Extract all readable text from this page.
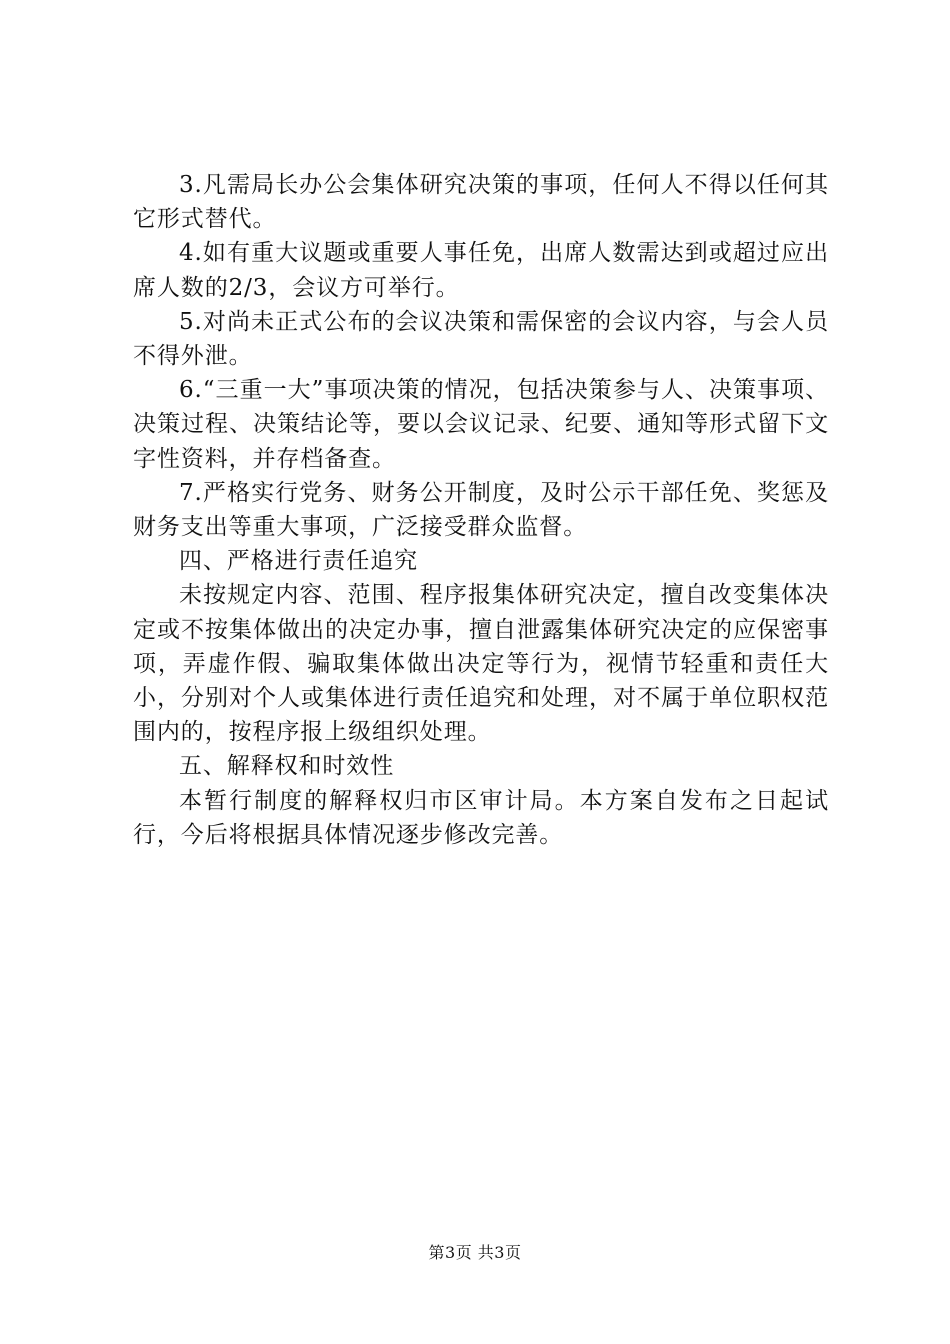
3.凡需局长办公会集体研究决策的事项，任何人不得以任何其它形式替代。

4.如有重大议题或重要人事任免，出席人数需达到或超过应出席人数的2/3，会议方可举行。

5.对尚未正式公布的会议决策和需保密的会议内容，与会人员不得外泄。

6.“三重一大”事项决策的情况，包括决策参与人、决策事项、决策过程、决策结论等，要以会议记录、纪要、通知等形式留下文字性资料，并存档备查。

7.严格实行党务、财务公开制度，及时公示干部任免、奖惩及财务支出等重大事项，广泛接受群众监督。

四、严格进行责任追究

未按规定内容、范围、程序报集体研究决定，擅自改变集体决定或不按集体做出的决定办事，擅自泄露集体研究决定的应保密事项，弄虚作假、骗取集体做出决定等行为，视情节轻重和责任大小，分别对个人或集体进行责任追究和处理，对不属于单位职权范围内的，按程序报上级组织处理。

五、解释权和时效性

本暂行制度的解释权归市区审计局。本方案自发布之日起试行，今后将根据具体情况逐步修改完善。

第3页 共3页
